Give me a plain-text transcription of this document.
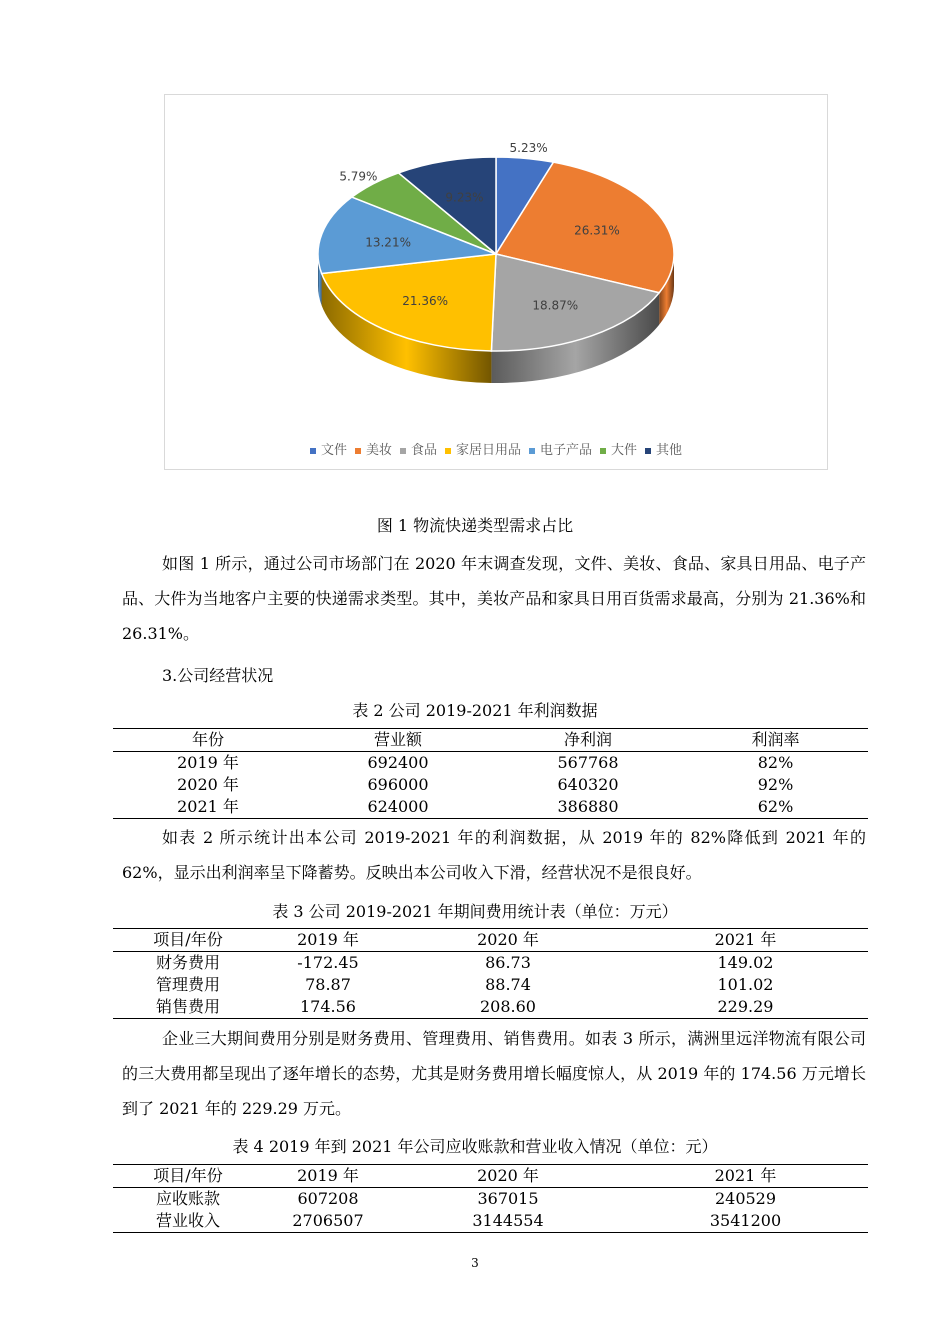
5.23%
26.31%
18.87%
21.36%
13.21%
5.79%
9.23%
文件 美妆 食品 家居日用品 电子产品 大件 其他
图 1 物流快递类型需求占比
如图 1 所示，通过公司市场部门在 2020 年末调查发现，文件、美妆、食品、家具日用品、电子产品、大件为当地客户主要的快递需求类型。其中，美妆产品和家具日用百货需求最高，分别为 21.36%和 26.31%。
3.公司经营状况
表 2 公司 2019-2021 年利润数据
年份	营业额	净利润	利润率
2019 年	692400	567768	82%
2020 年	696000	640320	92%
2021 年	624000	386880	62%
如表 2 所示统计出本公司 2019-2021 年的利润数据，从 2019 年的 82%降低到 2021 年的 62%，显示出利润率呈下降蓄势。反映出本公司收入下滑，经营状况不是很良好。
表 3 公司 2019-2021 年期间费用统计表（单位：万元）
项目/年份	2019 年	2020 年	2021 年
财务费用	-172.45	86.73	149.02
管理费用	78.87	88.74	101.02
销售费用	174.56	208.60	229.29
企业三大期间费用分别是财务费用、管理费用、销售费用。如表 3 所示，满洲里远洋物流有限公司的三大费用都呈现出了逐年增长的态势，尤其是财务费用增长幅度惊人，从 2019 年的 174.56 万元增长到了 2021 年的 229.29 万元。
表 4 2019 年到 2021 年公司应收账款和营业收入情况（单位：元）
项目/年份	2019 年	2020 年	2021 年
应收账款	607208	367015	240529
营业收入	2706507	3144554	3541200
3
